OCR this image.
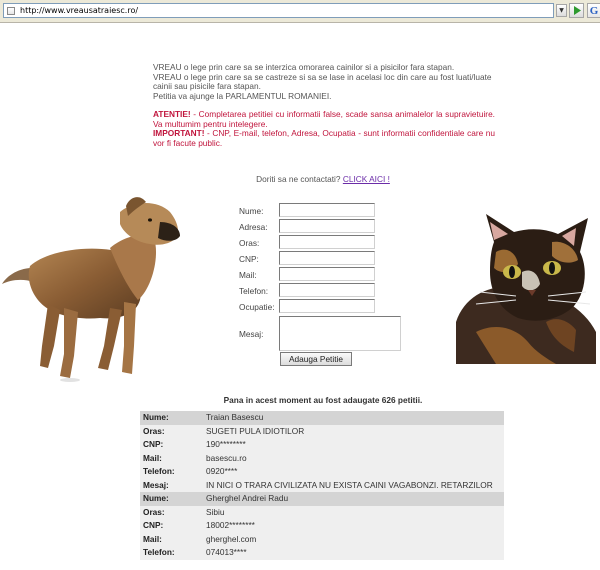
http://www.vreausatraiesc.ro/	▼ G

VREAU o lege prin care sa se interzica omorarea cainilor si a pisicilor fara stapan.

VREAU o lege prin care sa se castreze si sa se lase in acelasi loc din care au fost luati/luate cainii sau pisicile fara stapan.

Petitia va ajunge la PARLAMENTUL ROMANIEI.

ATENTIE! - Completarea petitiei cu informatii false, scade sansa animalelor la supravietuire. Va multumim pentru intelegere.

IMPORTANT! - CNP, E-mail, telefon, Adresa, Ocupatia - sunt informatii confidentiale care nu vor fi facute public.

Doriti sa ne contactati? CLICK AICI !
Nume:
Adresa:
Oras:
CNP:
Mail:
Telefon:
Ocupatie:
Mesaj:
Adauga Petitie
Pana in acest moment au fost adaugate 626 petitii.
Nume:	Traian Basescu
Oras:	SUGETI PULA IDIOTILOR
CNP:	190********
Mail:	basescu.ro
Telefon:	0920****
Mesaj:	IN NICI O TRARA CIVILIZATA NU EXISTA CAINI VAGABONZI. RETARZILOR
Nume:	Gherghel Andrei Radu
Oras:	Sibiu
CNP:	18002********
Mail:	gherghel.com
Telefon:	074013****
